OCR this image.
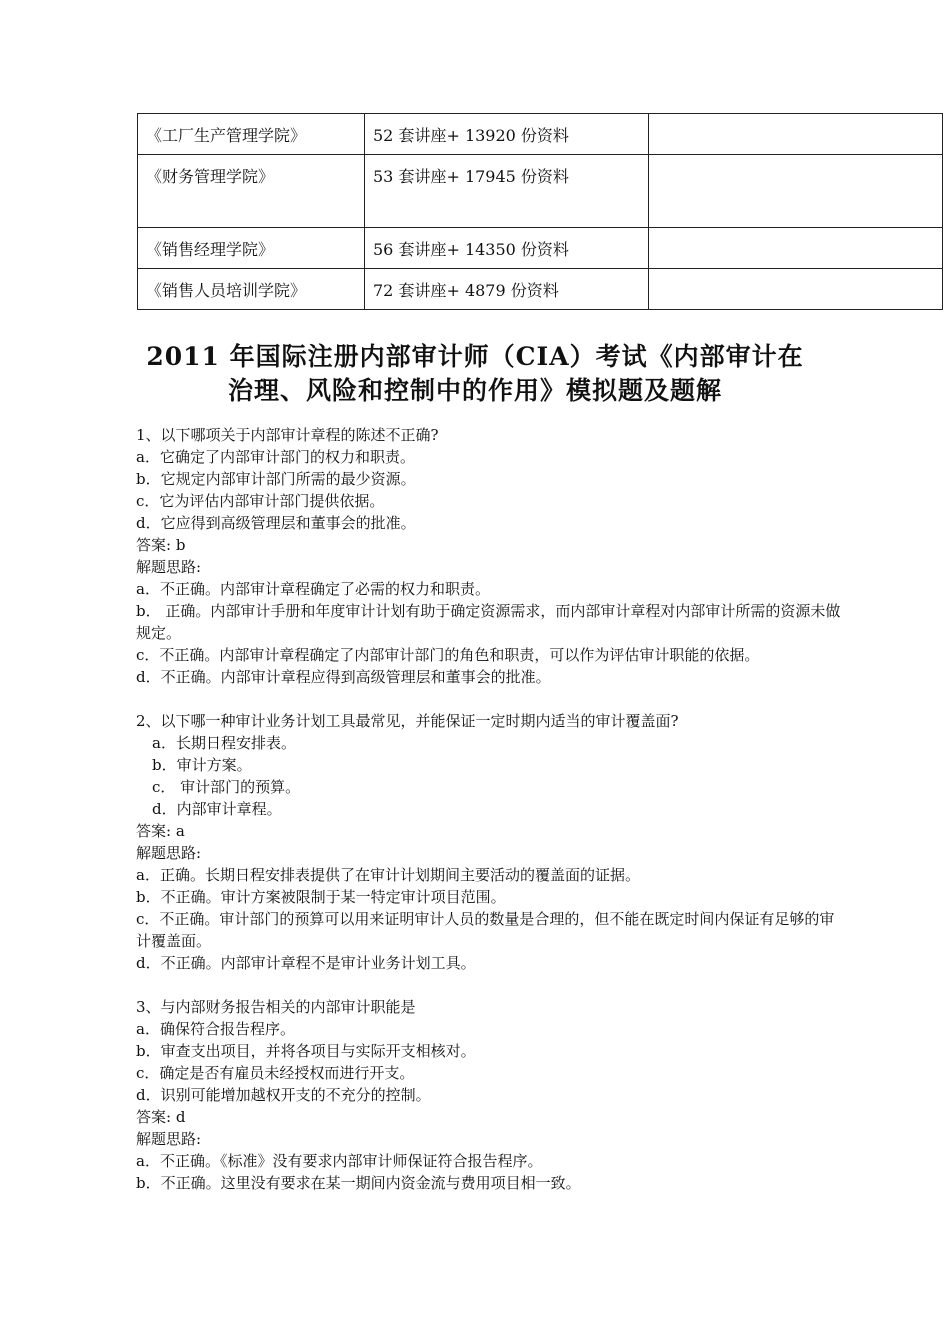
《工厂生产管理学院》	52 套讲座+ 13920 份资料	
《财务管理学院》	53 套讲座+ 17945 份资料	
《销售经理学院》	56 套讲座+ 14350 份资料	
《销售人员培训学院》	72 套讲座+ 4879 份资料	
2011 年国际注册内部审计师（CIA）考试《内部审计在
治理、风险和控制中的作用》模拟题及题解

1、以下哪项关于内部审计章程的陈述不正确?

a．它确定了内部审计部门的权力和职责。

b．它规定内部审计部门所需的最少资源。

c．它为评估内部审计部门提供依据。

d．它应得到高级管理层和董事会的批准。

答案: b

解题思路:

a．不正确。内部审计章程确定了必需的权力和职责。

b． 正确。内部审计手册和年度审计计划有助于确定资源需求，而内部审计章程对内部审计所需的资源未做规定。

c．不正确。内部审计章程确定了内部审计部门的角色和职责，可以作为评估审计职能的依据。

d．不正确。内部审计章程应得到高级管理层和董事会的批准。

2、以下哪一种审计业务计划工具最常见，并能保证一定时期内适当的审计覆盖面?

a．长期日程安排表。

b．审计方案。

c． 审计部门的预算。

d．内部审计章程。

答案: a

解题思路:

a．正确。长期日程安排表提供了在审计计划期间主要活动的覆盖面的证据。

b．不正确。审计方案被限制于某一特定审计项目范围。

c．不正确。审计部门的预算可以用来证明审计人员的数量是合理的，但不能在既定时间内保证有足够的审计覆盖面。

d．不正确。内部审计章程不是审计业务计划工具。

3、与内部财务报告相关的内部审计职能是

a．确保符合报告程序。

b．审查支出项目，并将各项目与实际开支相核对。

c．确定是否有雇员未经授权而进行开支。

d．识别可能增加越权开支的不充分的控制。

答案: d

解题思路:

a．不正确。《标准》没有要求内部审计师保证符合报告程序。

b．不正确。这里没有要求在某一期间内资金流与费用项目相一致。
